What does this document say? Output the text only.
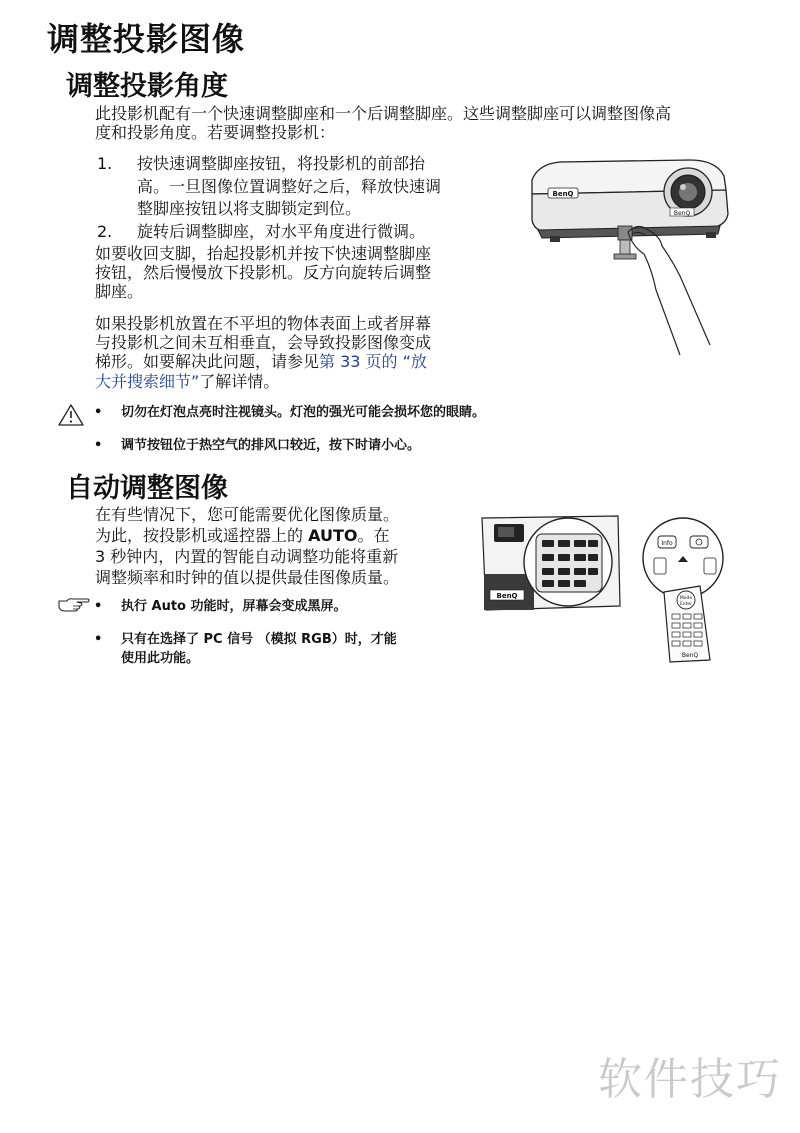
调整投影图像
调整投影角度

此投影机配有一个快速调整脚座和一个后调整脚座。这些调整脚座可以调整图像高

度和投影角度。若要调整投影机：

1. 按快速调整脚座按钮，将投影机的前部抬
高。一旦图像位置调整好之后，释放快速调
整脚座按钮以将支脚锁定到位。
2. 旋转后调整脚座，对水平角度进行微调。
如要收回支脚，抬起投影机并按下快速调整脚座
按钮，然后慢慢放下投影机。反方向旋转后调整
脚座。
如果投影机放置在不平坦的物体表面上或者屏幕
与投影机之间未互相垂直，会导致投影图像变成
梯形。如要解决此问题，请参见第 33 页的 “放
大并搜索细节”了解详情。
• 切勿在灯泡点亮时注视镜头。灯泡的强光可能会损坏您的眼睛。
• 调节按钮位于热空气的排风口较近，按下时请小心。
BenQ
BenQ
自动调整图像
在有些情况下，您可能需要优化图像质量。
为此，按投影机或遥控器上的 AUTO。在
3 秒钟内，内置的智能自动调整功能将重新
调整频率和时钟的值以提供最佳图像质量。
• 执行 Auto 功能时，屏幕会变成黑屏。
• 只有在选择了 PC 信号 （模拟 RGB）时，才能
使用此功能。
BenQ
Info
Mode
Enter
BenQ
软件技巧
